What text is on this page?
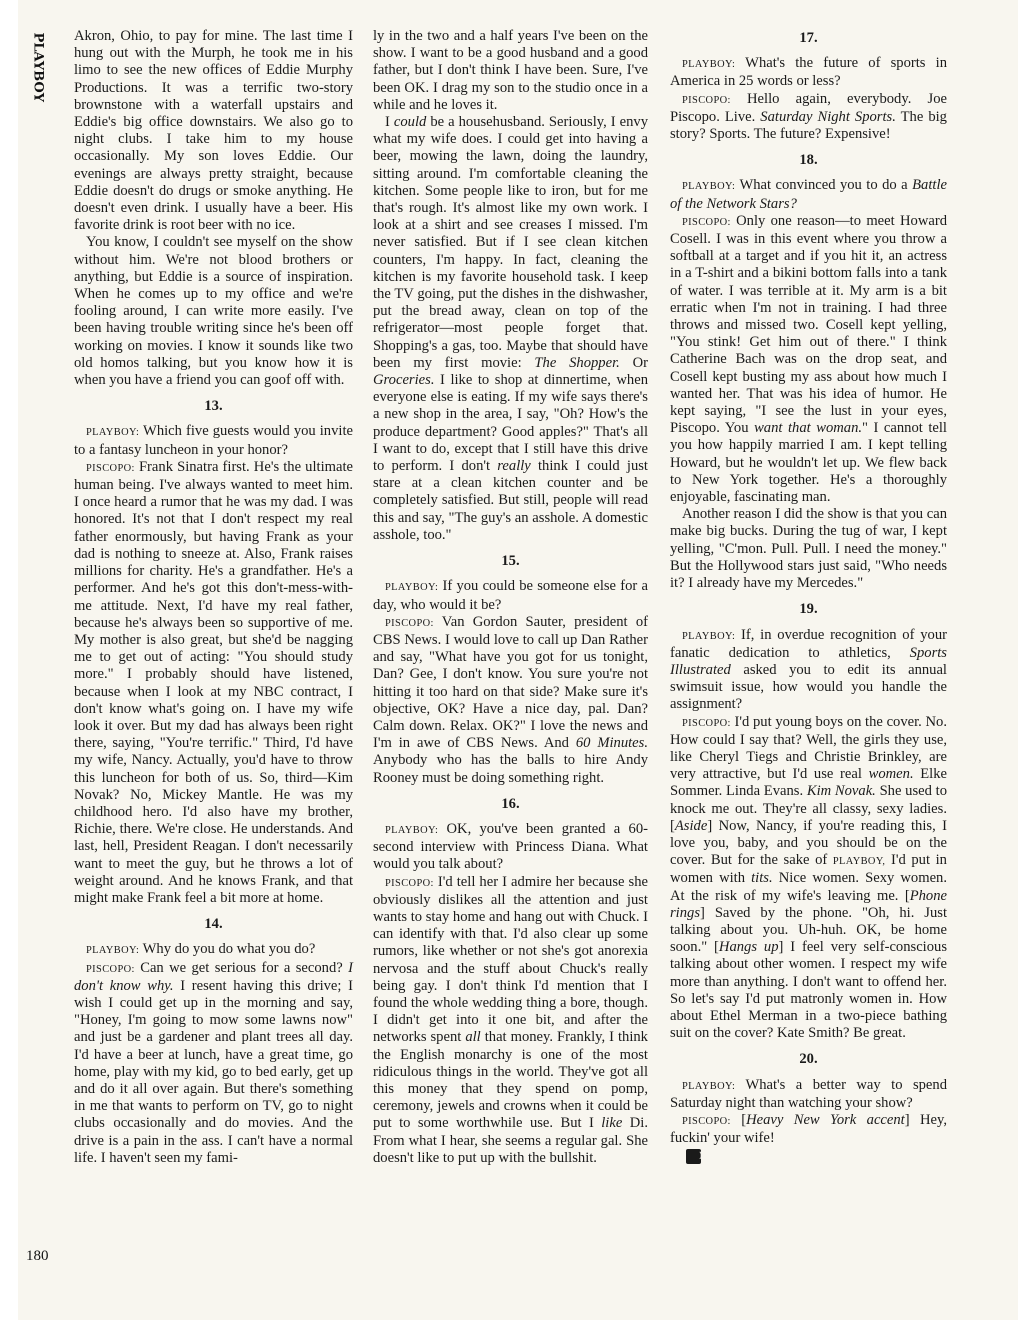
PLAYBOY
180

Akron, Ohio, to pay for mine. The last time I hung out with the Murph, he took me in his limo to see the new offices of Eddie Murphy Productions. It was a terrific two-story brownstone with a waterfall upstairs and Eddie's big office downstairs. We also go to night clubs. I take him to my house occasionally. My son loves Eddie. Our evenings are always pretty straight, because Eddie doesn't do drugs or smoke anything. He doesn't even drink. I usually have a beer. His favorite drink is root beer with no ice.

You know, I couldn't see myself on the show without him. We're not blood brothers or anything, but Eddie is a source of inspiration. When he comes up to my office and we're fooling around, I can write more easily. I've been having trouble writing since he's been off working on movies. I know it sounds like two old homos talking, but you know how it is when you have a friend you can goof off with.

13.

PLAYBOY: Which five guests would you invite to a fantasy luncheon in your honor?

PISCOPO: Frank Sinatra first. He's the ultimate human being. I've always wanted to meet him. I once heard a rumor that he was my dad. I was honored. It's not that I don't respect my real father enormously, but having Frank as your dad is nothing to sneeze at. Also, Frank raises millions for charity. He's a grandfather. He's a performer. And he's got this don't-mess-with-me attitude. Next, I'd have my real father, because he's always been so supportive of me. My mother is also great, but she'd be nagging me to get out of acting: "You should study more." I probably should have listened, because when I look at my NBC contract, I don't know what's going on. I have my wife look it over. But my dad has always been right there, saying, "You're terrific." Third, I'd have my wife, Nancy. Actually, you'd have to throw this luncheon for both of us. So, third—Kim Novak? No, Mickey Mantle. He was my childhood hero. I'd also have my brother, Richie, there. We're close. He understands. And last, hell, President Reagan. I don't necessarily want to meet the guy, but he throws a lot of weight around. And he knows Frank, and that might make Frank feel a bit more at home.

14.

PLAYBOY: Why do you do what you do?

PISCOPO: Can we get serious for a second? I don't know why. I resent having this drive; I wish I could get up in the morning and say, "Honey, I'm going to mow some lawns now" and just be a gardener and plant trees all day. I'd have a beer at lunch, have a great time, go home, play with my kid, go to bed early, get up and do it all over again. But there's something in me that wants to perform on TV, go to night clubs occasionally and do movies. And the drive is a pain in the ass. I can't have a normal life. I haven't seen my fami-

ly in the two and a half years I've been on the show. I want to be a good husband and a good father, but I don't think I have been. Sure, I've been OK. I drag my son to the studio once in a while and he loves it.

I could be a househusband. Seriously, I envy what my wife does. I could get into having a beer, mowing the lawn, doing the laundry, sitting around. I'm comfortable cleaning the kitchen. Some people like to iron, but for me that's rough. It's almost like my own work. I look at a shirt and see creases I missed. I'm never satisfied. But if I see clean kitchen counters, I'm happy. In fact, cleaning the kitchen is my favorite household task. I keep the TV going, put the dishes in the dishwasher, put the bread away, clean on top of the refrigerator—most people forget that. Shopping's a gas, too. Maybe that should have been my first movie: The Shopper. Or Groceries. I like to shop at dinnertime, when everyone else is eating. If my wife says there's a new shop in the area, I say, "Oh? How's the produce department? Good apples?" That's all I want to do, except that I still have this drive to perform. I don't really think I could just stare at a clean kitchen counter and be completely satisfied. But still, people will read this and say, "The guy's an asshole. A domestic asshole, too."

15.

PLAYBOY: If you could be someone else for a day, who would it be?

PISCOPO: Van Gordon Sauter, president of CBS News. I would love to call up Dan Rather and say, "What have you got for us tonight, Dan? Gee, I don't know. You sure you're not hitting it too hard on that side? Make sure it's objective, OK? Have a nice day, pal. Dan? Calm down. Relax. OK?" I love the news and I'm in awe of CBS News. And 60 Minutes. Anybody who has the balls to hire Andy Rooney must be doing something right.

16.

PLAYBOY: OK, you've been granted a 60-second interview with Princess Diana. What would you talk about?

PISCOPO: I'd tell her I admire her because she obviously dislikes all the attention and just wants to stay home and hang out with Chuck. I can identify with that. I'd also clear up some rumors, like whether or not she's got anorexia nervosa and the stuff about Chuck's really being gay. I don't think I'd mention that I found the whole wedding thing a bore, though. I didn't get into it one bit, and after the networks spent all that money. Frankly, I think the English monarchy is one of the most ridiculous things in the world. They've got all this money that they spend on pomp, ceremony, jewels and crowns when it could be put to some worthwhile use. But I like Di. From what I hear, she seems a regular gal. She doesn't like to put up with the bullshit.

17.

PLAYBOY: What's the future of sports in America in 25 words or less?

PISCOPO: Hello again, everybody. Joe Piscopo. Live. Saturday Night Sports. The big story? Sports. The future? Expensive!

18.

PLAYBOY: What convinced you to do a Battle of the Network Stars?

PISCOPO: Only one reason—to meet Howard Cosell. I was in this event where you throw a softball at a target and if you hit it, an actress in a T-shirt and a bikini bottom falls into a tank of water. I was terrible at it. My arm is a bit erratic when I'm not in training. I had three throws and missed two. Cosell kept yelling, "You stink! Get him out of there." I think Catherine Bach was on the drop seat, and Cosell kept busting my ass about how much I wanted her. That was his idea of humor. He kept saying, "I see the lust in your eyes, Piscopo. You want that woman." I cannot tell you how happily married I am. I kept telling Howard, but he wouldn't let up. We flew back to New York together. He's a thoroughly enjoyable, fascinating man.

Another reason I did the show is that you can make big bucks. During the tug of war, I kept yelling, "C'mon. Pull. Pull. I need the money." But the Hollywood stars just said, "Who needs it? I already have my Mercedes."

19.

PLAYBOY: If, in overdue recognition of your fanatic dedication to athletics, Sports Illustrated asked you to edit its annual swimsuit issue, how would you handle the assignment?

PISCOPO: I'd put young boys on the cover. No. How could I say that? Well, the girls they use, like Cheryl Tiegs and Christie Brinkley, are very attractive, but I'd use real women. Elke Sommer. Linda Evans. Kim Novak. She used to knock me out. They're all classy, sexy ladies. [Aside] Now, Nancy, if you're reading this, I love you, baby, and you should be on the cover. But for the sake of PLAYBOY, I'd put in women with tits. Nice women. Sexy women. At the risk of my wife's leaving me. [Phone rings] Saved by the phone. "Oh, hi. Just talking about you. Uh-huh. OK, be home soon." [Hangs up] I feel very self-conscious talking about other women. I respect my wife more than anything. I don't want to offend her. So let's say I'd put matronly women in. How about Ethel Merman in a two-piece bathing suit on the cover? Kate Smith? Be great.

20.

PLAYBOY: What's a better way to spend Saturday night than watching your show?

PISCOPO: [Heavy New York accent] Hey, fuckin' your wife!

♜
